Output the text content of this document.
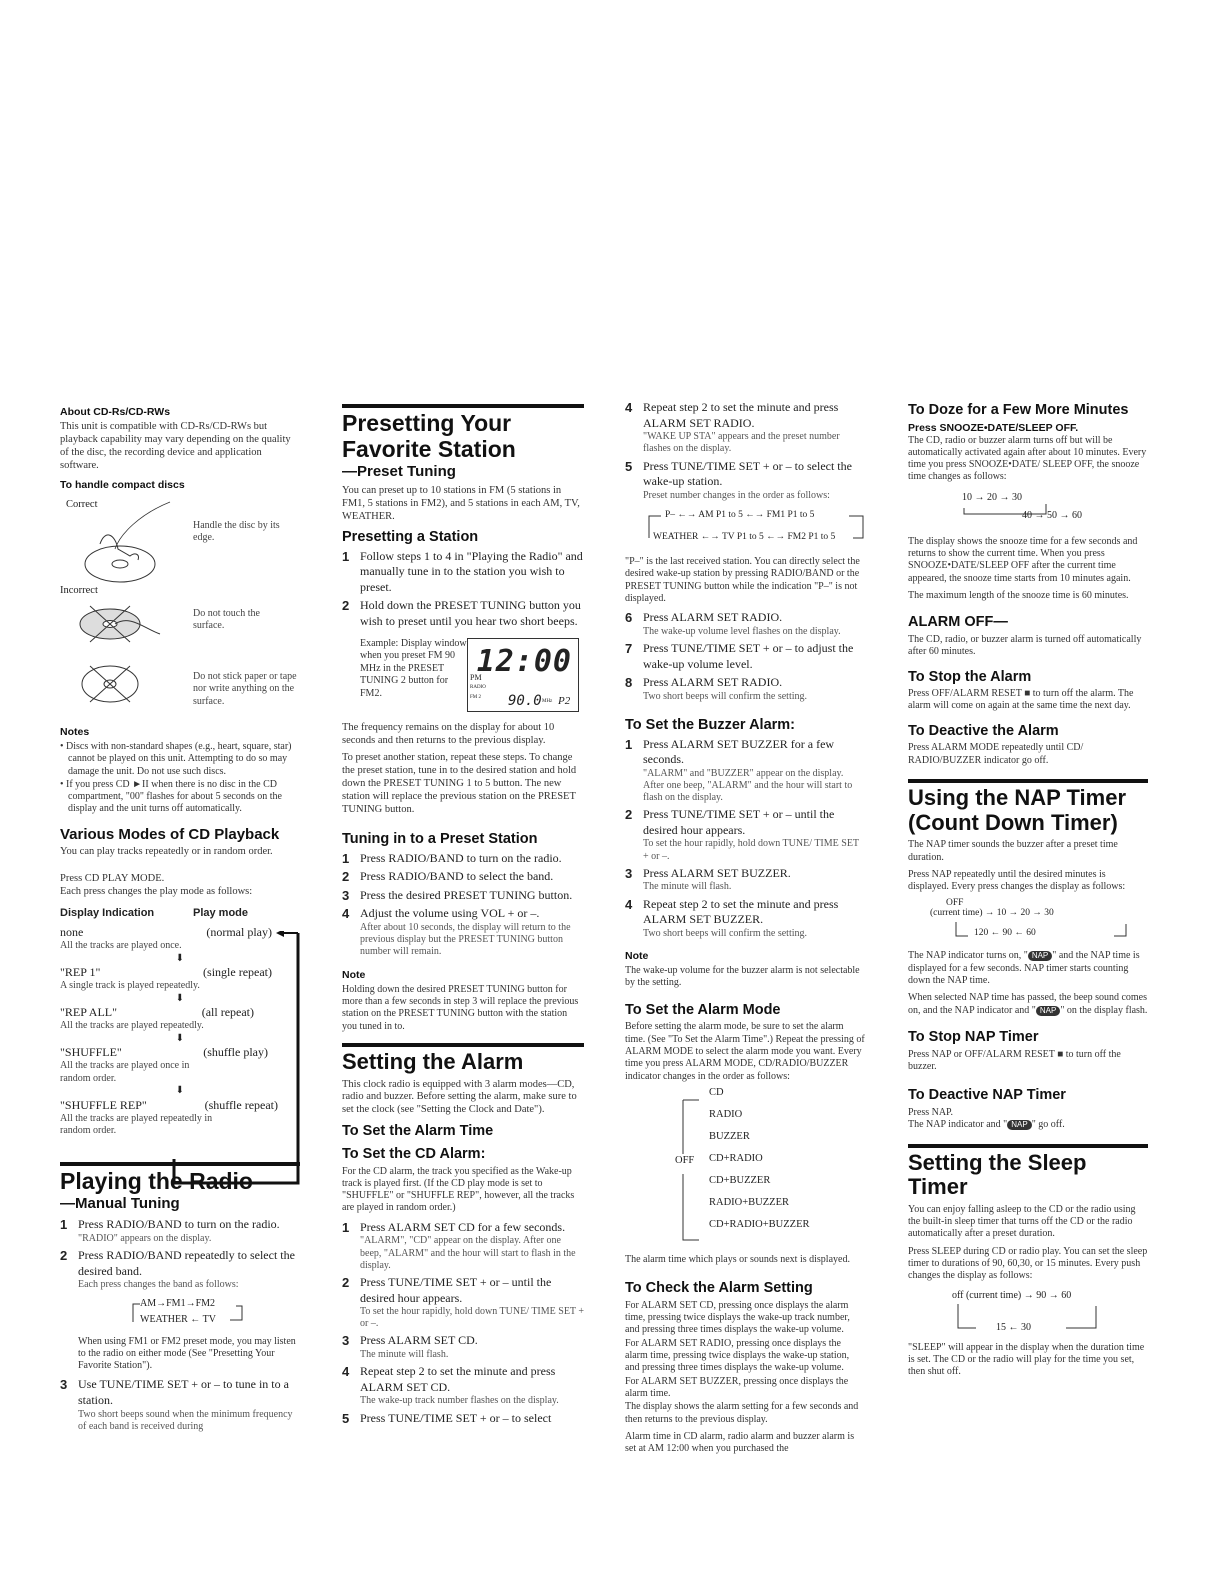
About CD-Rs/CD-RWs

This unit is compatible with CD-Rs/CD-RWs but playback capability may vary depending on the quality of the disc, the recording device and application software.

To handle compact discs
Correct
Handle the disc by its edge.
Incorrect
Do not touch the surface.
Do not stick paper or tape nor write anything on the surface.
Notes

• Discs with non-standard shapes (e.g., heart, square, star) cannot be played on this unit. Attempting to do so may damage the unit. Do not use such discs.

• If you press CD ►II when there is no disc in the CD compartment, "00" flashes for about 5 seconds on the display and the unit turns off automatically.

Various Modes of CD Playback

You can play tracks repeatedly or in random order.

Press CD PLAY MODE.

Each press changes the play mode as follows:

Display Indication	Play mode
none	(normal play)
All the tracks are played once.
⬇
"REP 1"	(single repeat)
A single track is played repeatedly.
⬇
"REP ALL"	(all repeat)
All the tracks are played repeatedly.
⬇
"SHUFFLE"	(shuffle play)
All the tracks are played once in random order.
⬇
"SHUFFLE REP"	(shuffle repeat)
All the tracks are played repeatedly in random order.
Playing the Radio
—Manual Tuning
1 Press RADIO/BAND to turn on the radio.
"RADIO" appears on the display.
2 Press RADIO/BAND repeatedly to select the desired band.
Each press changes the band as follows:
AM→FM1→FM2
WEATHER ← TV

When using FM1 or FM2 preset mode, you may listen to the radio on either mode (See "Presetting Your Favorite Station").

3 Use TUNE/TIME SET + or – to tune in to a station.
Two short beeps sound when the minimum frequency of each band is received during
Presetting Your Favorite Station
—Preset Tuning

You can preset up to 10 stations in FM (5 stations in FM1, 5 stations in FM2), and 5 stations in each AM, TV, WEATHER.

Presetting a Station
1 Follow steps 1 to 4 in "Playing the Radio" and manually tune in to the station you wish to preset.
2 Hold down the PRESET TUNING button you wish to preset until you hear two short beeps.
Example: Display window when you preset FM 90 MHz in the PRESET TUNING 2 button for FM2.
12:00
PM
RADIO
FM 2 90.0 MHz P2

The frequency remains on the display for about 10 seconds and then returns to the previous display.

To preset another station, repeat these steps. To change the preset station, tune in to the desired station and hold down the PRESET TUNING 1 to 5 button. The new station will replace the previous station on the PRESET TUNING button.

Tuning in to a Preset Station
1 Press RADIO/BAND to turn on the radio.
2 Press RADIO/BAND to select the band.
3 Press the desired PRESET TUNING button.
4 Adjust the volume using VOL + or –.
After about 10 seconds, the display will return to the previous display but the PRESET TUNING button number will remain.
Note

Holding down the desired PRESET TUNING button for more than a few seconds in step 3 will replace the previous station on the PRESET TUNING button with the station you tuned in to.

Setting the Alarm

This clock radio is equipped with 3 alarm modes—CD, radio and buzzer. Before setting the alarm, make sure to set the clock (see "Setting the Clock and Date").

To Set the Alarm Time
To Set the CD Alarm:

For the CD alarm, the track you specified as the Wake-up track is played first. (If the CD play mode is set to "SHUFFLE" or "SHUFFLE REP", however, all the tracks are played in random order.)

1 Press ALARM SET CD for a few seconds.
"ALARM", "CD" appear on the display. After one beep, "ALARM" and the hour will start to flash in the display.
2 Press TUNE/TIME SET + or – until the desired hour appears.
To set the hour rapidly, hold down TUNE/ TIME SET + or –.
3 Press ALARM SET CD.
The minute will flash.
4 Repeat step 2 to set the minute and press ALARM SET CD.
The wake-up track number flashes on the display.
5 Press TUNE/TIME SET + or – to select
4 Repeat step 2 to set the minute and press ALARM SET RADIO.
"WAKE UP STA" appears and the preset number flashes on the display.
5 Press TUNE/TIME SET + or – to select the wake-up station.
Preset number changes in the order as follows:
P– ←→ AM P1 to 5 ←→ FM1 P1 to 5
WEATHER ←→ TV P1 to 5 ←→ FM2 P1 to 5

"P–" is the last received station. You can directly select the desired wake-up station by pressing RADIO/BAND or the PRESET TUNING button while the indication "P–" is not displayed.

6 Press ALARM SET RADIO.
The wake-up volume level flashes on the display.
7 Press TUNE/TIME SET + or – to adjust the wake-up volume level.
8 Press ALARM SET RADIO.
Two short beeps will confirm the setting.
To Set the Buzzer Alarm:
1 Press ALARM SET BUZZER for a few seconds.
"ALARM" and "BUZZER" appear on the display. After one beep, "ALARM" and the hour will start to flash on the display.
2 Press TUNE/TIME SET + or – until the desired hour appears.
To set the hour rapidly, hold down TUNE/ TIME SET + or –.
3 Press ALARM SET BUZZER.
The minute will flash.
4 Repeat step 2 to set the minute and press ALARM SET BUZZER.
Two short beeps will confirm the setting.
Note

The wake-up volume for the buzzer alarm is not selectable by the setting.

To Set the Alarm Mode

Before setting the alarm mode, be sure to set the alarm time. (See "To Set the Alarm Time".) Repeat the pressing of ALARM MODE to select the alarm mode you want. Every time you press ALARM MODE, CD/RADIO/BUZZER indicator changes in the order as follows:

CD
RADIO
BUZZER
CD+RADIO
CD+BUZZER
RADIO+BUZZER
CD+RADIO+BUZZER
OFF

The alarm time which plays or sounds next is displayed.

To Check the Alarm Setting

For ALARM SET CD, pressing once displays the alarm time, pressing twice displays the wake-up track number, and pressing three times displays the wake-up volume.

For ALARM SET RADIO, pressing once displays the alarm time, pressing twice displays the wake-up station, and pressing three times displays the wake-up volume.

For ALARM SET BUZZER, pressing once displays the alarm time.

The display shows the alarm setting for a few seconds and then returns to the previous display.

Alarm time in CD alarm, radio alarm and buzzer alarm is set at AM 12:00 when you purchased the

To Doze for a Few More Minutes

Press SNOOZE•DATE/SLEEP OFF.

The CD, radio or buzzer alarm turns off but will be automatically activated again after about 10 minutes. Every time you press SNOOZE•DATE/ SLEEP OFF, the snooze time changes as follows:

10 → 20 → 30
40 → 50 → 60

The display shows the snooze time for a few seconds and returns to show the current time. When you press SNOOZE•DATE/SLEEP OFF after the current time appeared, the snooze time starts from 10 minutes again.

The maximum length of the snooze time is 60 minutes.

ALARM OFF—

The CD, radio, or buzzer alarm is turned off automatically after 60 minutes.

To Stop the Alarm

Press OFF/ALARM RESET ■ to turn off the alarm. The alarm will come on again at the same time the next day.

To Deactive the Alarm

Press ALARM MODE repeatedly until CD/ RADIO/BUZZER indicator go off.

Using the NAP Timer (Count Down Timer)

The NAP timer sounds the buzzer after a preset time duration.

Press NAP repeatedly until the desired minutes is displayed. Every press changes the display as follows:

OFF
(current time) → 10 → 20 → 30
120 ← 90 ← 60

The NAP indicator turns on, " NAP " and the NAP time is displayed for a few seconds. NAP timer starts counting down the NAP time.

When selected NAP time has passed, the beep sound comes on, and the NAP indicator and " NAP " on the display flash.

To Stop NAP Timer

Press NAP or OFF/ALARM RESET ■ to turn off the buzzer.

To Deactive NAP Timer

Press NAP.

The NAP indicator and " NAP " go off.

Setting the Sleep Timer

You can enjoy falling asleep to the CD or the radio using the built-in sleep timer that turns off the CD or the radio automatically after a preset duration.

Press SLEEP during CD or radio play. You can set the sleep timer to durations of 90, 60,30, or 15 minutes. Every push changes the display as follows:

off (current time) → 90 → 60
15 ← 30

"SLEEP" will appear in the display when the duration time is set. The CD or the radio will play for the time you set, then shut off.
